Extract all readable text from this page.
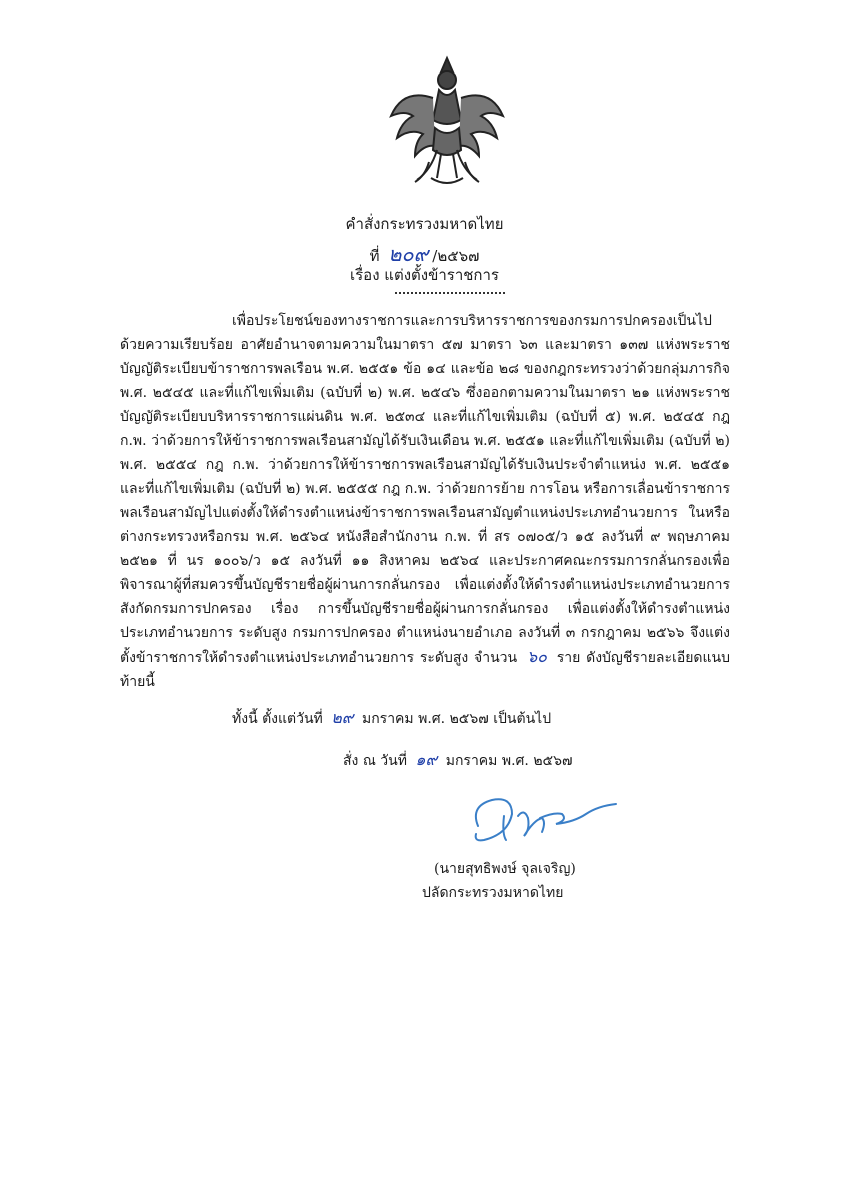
คำสั่งกระทรวงมหาดไทย
ที่ ๒๐๙ /๒๕๖๗
เรื่อง แต่งตั้งข้าราชการ
เพื่อประโยชน์ของทางราชการและการบริหารราชการของกรมการปกครองเป็นไปด้วยความเรียบร้อย อาศัยอำนาจตามความในมาตรา ๕๗ มาตรา ๖๓ และมาตรา ๑๓๗ แห่งพระราชบัญญัติระเบียบข้าราชการพลเรือน พ.ศ. ๒๕๕๑ ข้อ ๑๔ และข้อ ๒๘ ของกฎกระทรวงว่าด้วยกลุ่มภารกิจ พ.ศ. ๒๕๔๕ และที่แก้ไขเพิ่มเติม (ฉบับที่ ๒) พ.ศ. ๒๕๔๖ ซึ่งออกตามความในมาตรา ๒๑ แห่งพระราชบัญญัติระเบียบบริหารราชการแผ่นดิน พ.ศ. ๒๕๓๔ และที่แก้ไขเพิ่มเติม (ฉบับที่ ๕) พ.ศ. ๒๕๔๕ กฎ ก.พ. ว่าด้วยการให้ข้าราชการพลเรือนสามัญได้รับเงินเดือน พ.ศ. ๒๕๕๑ และที่แก้ไขเพิ่มเติม (ฉบับที่ ๒) พ.ศ. ๒๕๕๔ กฎ ก.พ. ว่าด้วยการให้ข้าราชการพลเรือนสามัญได้รับเงินประจำตำแหน่ง พ.ศ. ๒๕๕๑ และที่แก้ไขเพิ่มเติม (ฉบับที่ ๒) พ.ศ. ๒๕๕๕ กฎ ก.พ. ว่าด้วยการย้าย การโอน หรือการเลื่อนข้าราชการพลเรือนสามัญไปแต่งตั้งให้ดำรงตำแหน่งข้าราชการพลเรือนสามัญตำแหน่งประเภทอำนวยการ ในหรือต่างกระทรวงหรือกรม พ.ศ. ๒๕๖๔ หนังสือสำนักงาน ก.พ. ที่ สร ๐๗๐๕/ว ๑๕ ลงวันที่ ๙ พฤษภาคม ๒๕๒๑ ที่ นร ๑๐๐๖/ว ๑๕ ลงวันที่ ๑๑ สิงหาคม ๒๕๖๔ และประกาศคณะกรรมการกลั่นกรองเพื่อพิจารณาผู้ที่สมควรขึ้นบัญชีรายชื่อผู้ผ่านการกลั่นกรอง เพื่อแต่งตั้งให้ดำรงตำแหน่งประเภทอำนวยการ สังกัดกรมการปกครอง เรื่อง การขึ้นบัญชีรายชื่อผู้ผ่านการกลั่นกรอง เพื่อแต่งตั้งให้ดำรงตำแหน่งประเภทอำนวยการ ระดับสูง กรมการปกครอง ตำแหน่งนายอำเภอ ลงวันที่ ๓ กรกฎาคม ๒๕๖๖ จึงแต่งตั้งข้าราชการให้ดำรงตำแหน่งประเภทอำนวยการ ระดับสูง จำนวน ๖๐ ราย ดังบัญชีรายละเอียดแนบท้ายนี้
ทั้งนี้ ตั้งแต่วันที่ ๒๙ มกราคม พ.ศ. ๒๕๖๗ เป็นต้นไป
สั่ง ณ วันที่ ๑๙ มกราคม พ.ศ. ๒๕๖๗
(นายสุทธิพงษ์ จุลเจริญ)
ปลัดกระทรวงมหาดไทย
